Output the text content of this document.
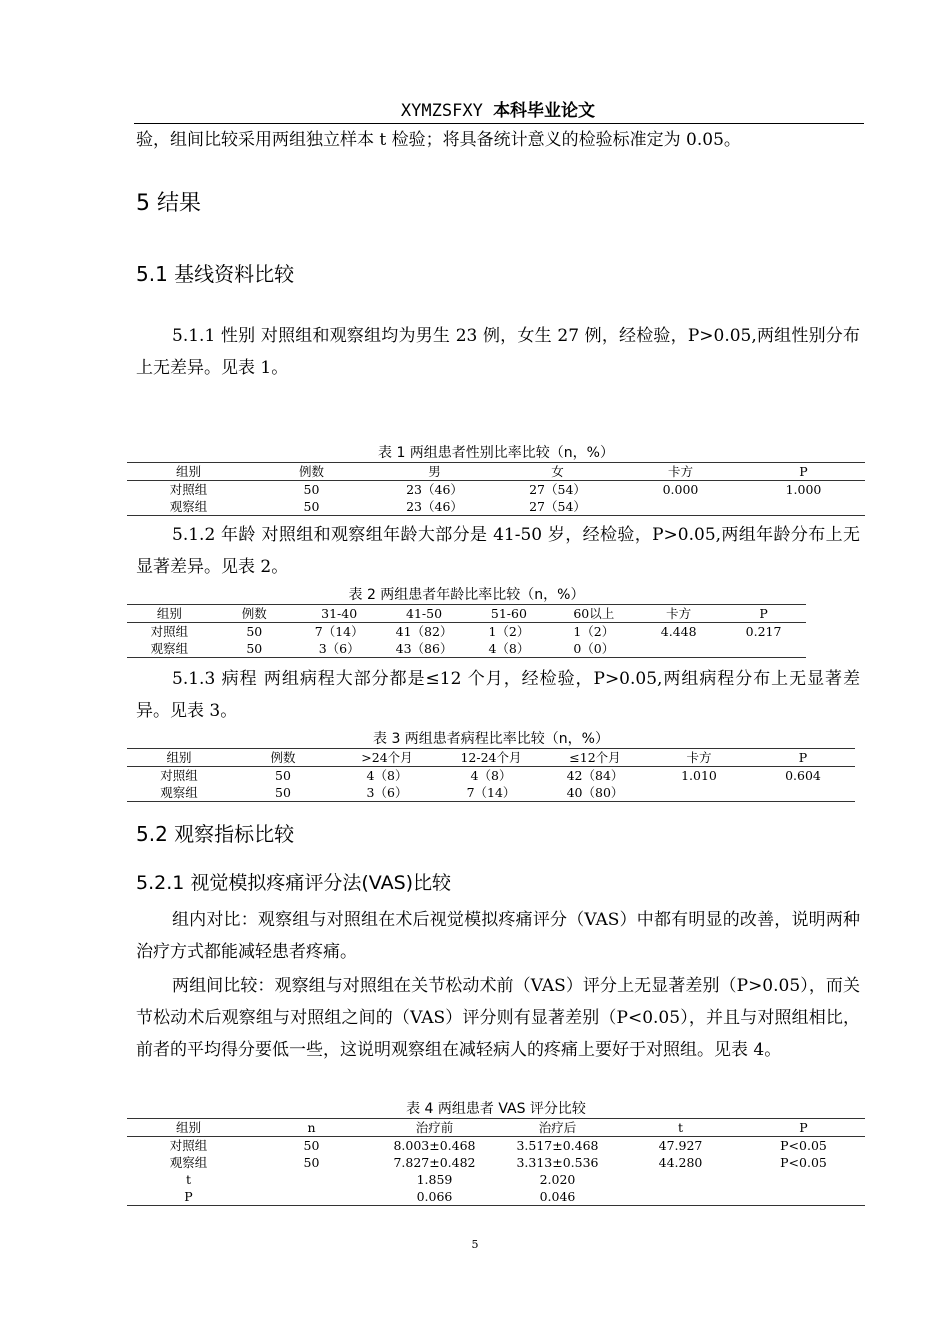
XYMZSFXY 本科毕业论文
验，组间比较采用两组独立样本 t 检验；将具备统计意义的检验标准定为 0.05。
5 结果
5.1 基线资料比较
5.1.1 性别 对照组和观察组均为男生 23 例，女生 27 例，经检验，P>0.05,两组性别分布上无差异。见表 1。
表 1 两组患者性别比率比较（n，%）
组别	例数	男	女	卡方	P
对照组	50	23（46）	27（54）	0.000	1.000
观察组	50	23（46）	27（54）		
5.1.2 年龄 对照组和观察组年龄大部分是 41-50 岁，经检验，P>0.05,两组年龄分布上无显著差异。见表 2。
表 2 两组患者年龄比率比较（n，%）
组别	例数	31-40	41-50	51-60	60以上	卡方	P
对照组	50	7（14）	41（82）	1（2）	1（2）	4.448	0.217
观察组	50	3（6）	43（86）	4（8）	0（0）		
5.1.3 病程 两组病程大部分都是≤12 个月，经检验，P>0.05,两组病程分布上无显著差异。见表 3。
表 3 两组患者病程比率比较（n，%）
组别	例数	>24个月	12-24个月	≤12个月	卡方	P
对照组	50	4（8）	4（8）	42（84）	1.010	0.604
观察组	50	3（6）	7（14）	40（80）		
5.2 观察指标比较
5.2.1 视觉模拟疼痛评分法(VAS)比较
组内对比：观察组与对照组在术后视觉模拟疼痛评分（VAS）中都有明显的改善，说明两种治疗方式都能减轻患者疼痛。
两组间比较：观察组与对照组在关节松动术前（VAS）评分上无显著差别（P>0.05），而关节松动术后观察组与对照组之间的（VAS）评分则有显著差别（P<0.05），并且与对照组相比，前者的平均得分要低一些，这说明观察组在减轻病人的疼痛上要好于对照组。见表 4。
表 4 两组患者 VAS 评分比较
组别	n	治疗前	治疗后	t	P
对照组	50	8.003±0.468	3.517±0.468	47.927	P<0.05
观察组	50	7.827±0.482	3.313±0.536	44.280	P<0.05
t		1.859	2.020		
P		0.066	0.046		
5
